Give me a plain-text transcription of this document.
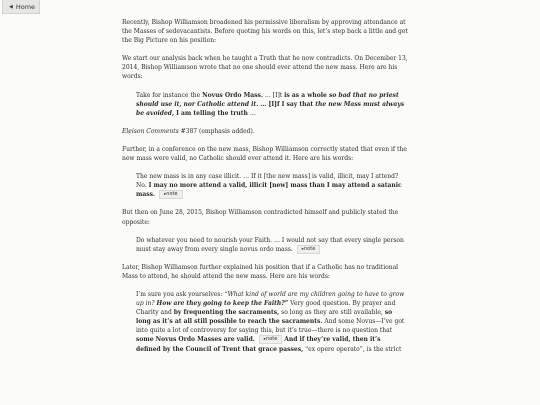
◀ Home

Recently, Bishop Williamson broadened his permissive liberalism by approving attendance at the Masses of sedevacantists. Before quoting his words on this, let’s step back a little and get the Big Picture on his position:

We start our analysis back when he taught a Truth that he now contradicts. On December 13, 2014, Bishop Williamson wrote that no one should ever attend the new mass. Here are his words:

Take for instance the Novus Ordo Mass. … [I]t is as a whole so bad that no priest should use it, nor Catholic attend it. … [I]f I say that the new Mass must always be avoided, I am telling the truth …

Eleison Comments #387 (emphasis added).

Further, in a conference on the new mass, Bishop Williamson correctly stated that even if the new mass were valid, no Catholic should ever attend it. Here are his words:

The new mass is in any case illicit. … If it [the new mass] is valid, illicit, may I attend? No. I may no more attend a valid, illicit [new] mass than I may attend a satanic mass. ▸ note

But then on June 28, 2015, Bishop Williamson contradicted himself and publicly stated the opposite:

Do whatever you need to nourish your Faith. … I would not say that every single person must stay away from every single novus ordo mass. ▸ note

Later, Bishop Williamson further explained his position that if a Catholic has no traditional Mass to attend, he should attend the new mass. Here are his words:

I’m sure you ask yourselves: “What kind of world are my children going to have to grow up in? How are they going to keep the Faith?” Very good question. By prayer and Charity and by frequenting the sacraments, so long as they are still available, so long as it’s at all still possible to reach the sacraments. And some Novus—I’ve got into quite a lot of controversy for saying this, but it’s true—there is no question that some Novus Ordo Masses are valid. ▸ note And if they’re valid, then it’s defined by the Council of Trent that grace passes, “ex opere operato”, is the strict
